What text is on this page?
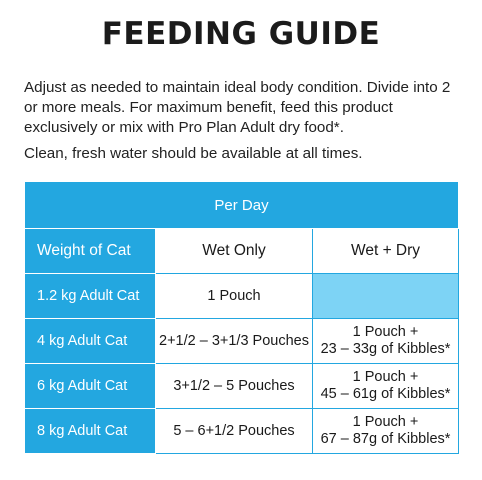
FEEDING GUIDE

Adjust as needed to maintain ideal body condition. Divide into 2 or more meals. For maximum benefit, feed this product exclusively or mix with Pro Plan Adult dry food*.

Clean, fresh water should be available at all times.

Per Day		
Weight of Cat	Wet Only	Wet + Dry
1.2 kg Adult Cat	1 Pouch	
4 kg Adult Cat	2+1/2 – 3+1/3 Pouches	1 Pouch +
23 – 33g of Kibbles*

6 kg Adult Cat	3+1/2 – 5 Pouches	1 Pouch +
45 – 61g of Kibbles*

8 kg Adult Cat	5 – 6+1/2 Pouches	1 Pouch +
67 – 87g of Kibbles*
